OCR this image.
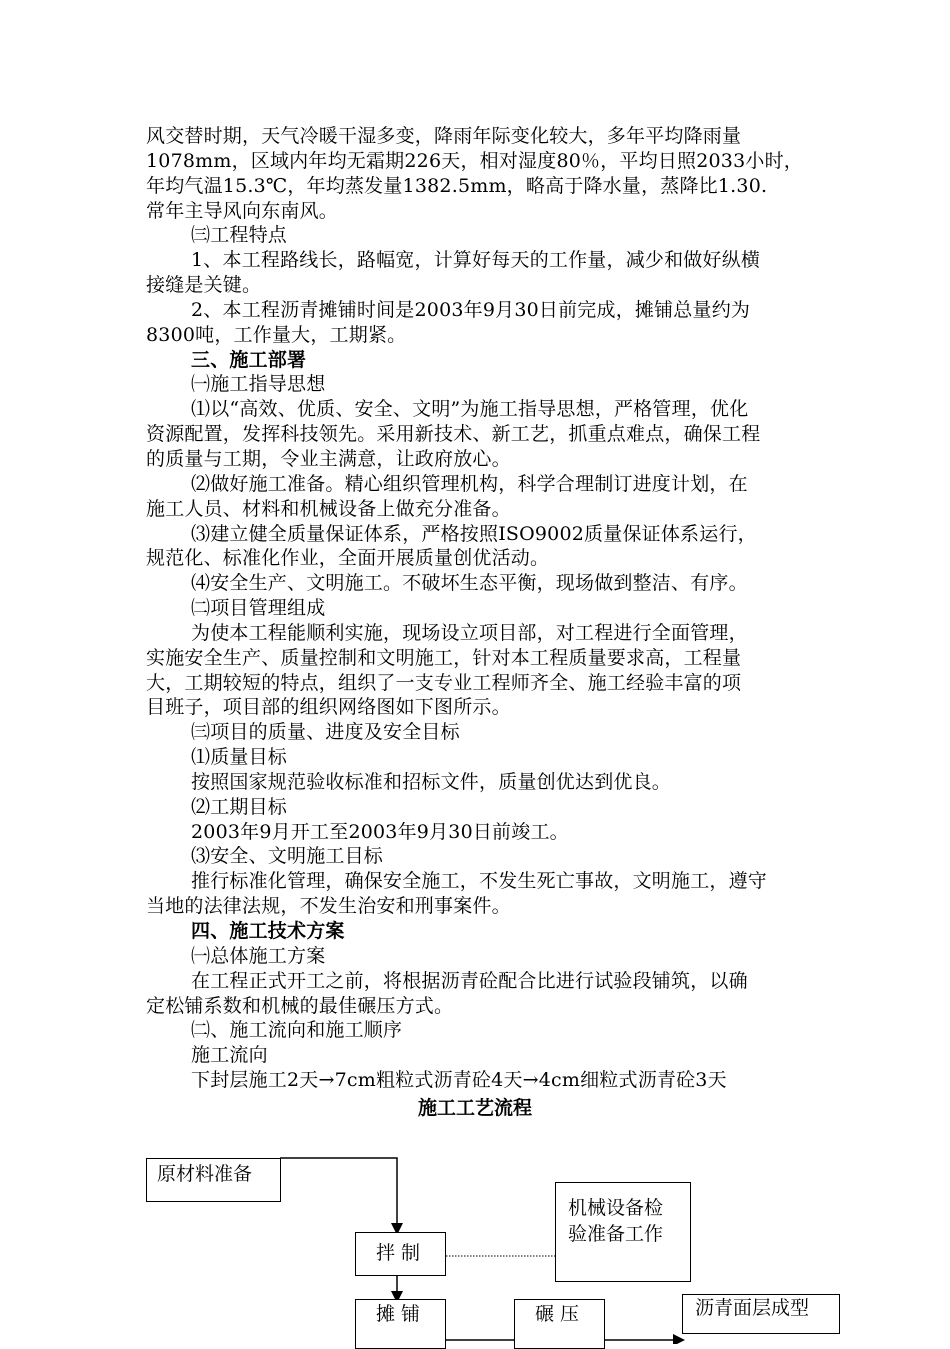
风交替时期，天气冷暖干湿多变，降雨年际变化较大，多年平均降雨量
1078mm，区域内年均无霜期226天，相对湿度80％，平均日照2033小时，
年均气温15.3℃，年均蒸发量1382.5mm，略高于降水量，蒸降比1.30.
常年主导风向东南风。
㈢工程特点
1、本工程路线长，路幅宽，计算好每天的工作量，减少和做好纵横
接缝是关键。
2、本工程沥青摊铺时间是2003年9月30日前完成，摊铺总量约为
8300吨，工作量大，工期紧。
三、施工部署
㈠施工指导思想
⑴以“高效、优质、安全、文明”为施工指导思想，严格管理，优化
资源配置，发挥科技领先。采用新技术、新工艺，抓重点难点，确保工程
的质量与工期，令业主满意，让政府放心。
⑵做好施工准备。精心组织管理机构，科学合理制订进度计划，在
施工人员、材料和机械设备上做充分准备。
⑶建立健全质量保证体系，严格按照ISO9002质量保证体系运行，
规范化、标准化作业，全面开展质量创优活动。
⑷安全生产、文明施工。不破坏生态平衡，现场做到整洁、有序。
㈡项目管理组成
为使本工程能顺利实施，现场设立项目部，对工程进行全面管理，
实施安全生产、质量控制和文明施工，针对本工程质量要求高，工程量
大，工期较短的特点，组织了一支专业工程师齐全、施工经验丰富的项
目班子，项目部的组织网络图如下图所示。
㈢项目的质量、进度及安全目标
⑴质量目标
按照国家规范验收标准和招标文件，质量创优达到优良。
⑵工期目标
2003年9月开工至2003年9月30日前竣工。
⑶安全、文明施工目标
推行标准化管理，确保安全施工，不发生死亡事故，文明施工，遵守
当地的法律法规，不发生治安和刑事案件。
四、施工技术方案
㈠总体施工方案
在工程正式开工之前，将根据沥青砼配合比进行试验段铺筑，以确
定松铺系数和机械的最佳碾压方式。
㈡、施工流向和施工顺序
施工流向
下封层施工2天→7cm粗粒式沥青砼4天→4cm细粒式沥青砼3天
施工工艺流程
原材料准备
机械设备检
验准备工作
拌 制
摊 铺	碾 压	沥青面层成型
